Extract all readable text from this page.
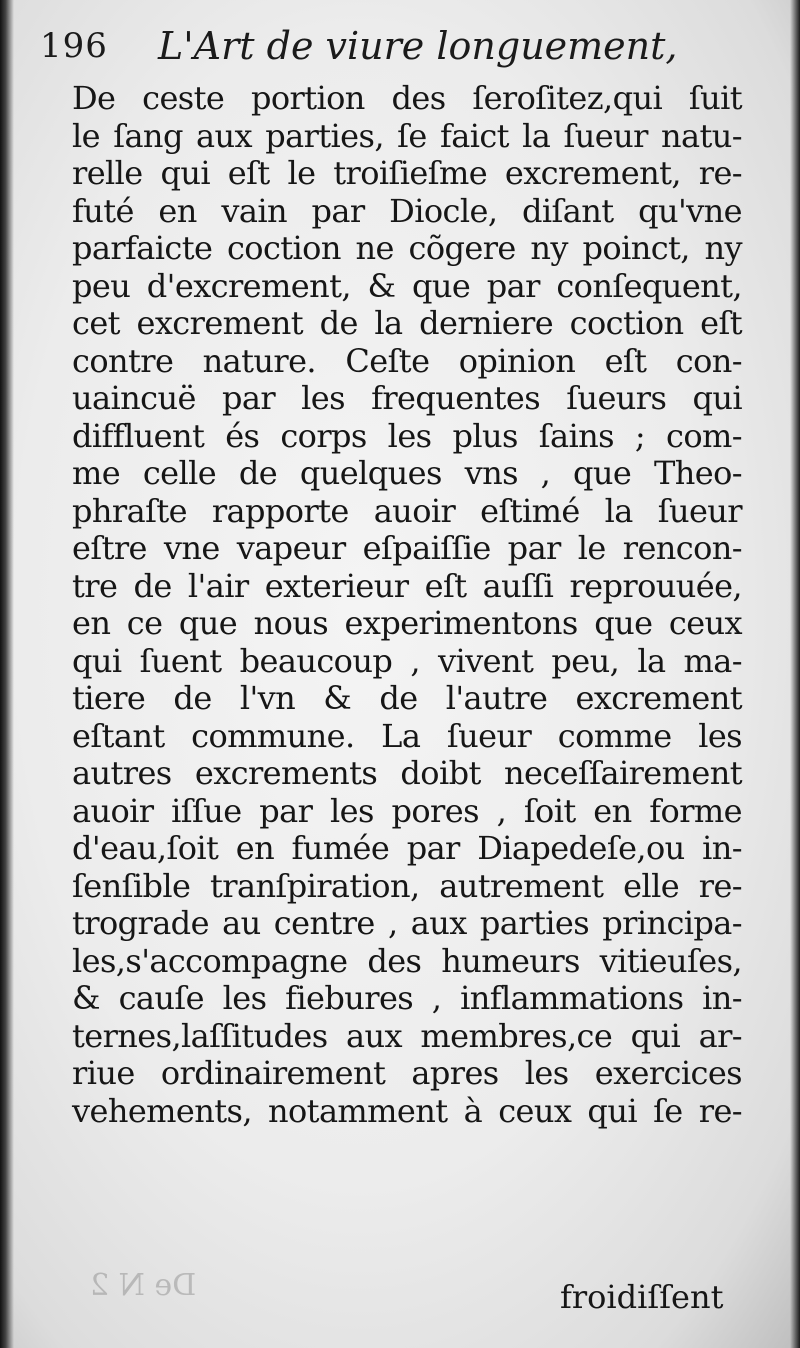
196 L'Art de viure longuement,
De ceste portion des ſeroſitez,qui ſuit
le ſang aux parties, ſe faict la ſueur natu-
relle qui eſt le troiſieſme excrement, re-
futé en vain par Diocle, diſant qu'vne
parfaicte coction ne cõgere ny poinct, ny
peu d'excrement, & que par conſequent,
cet excrement de la derniere coction eſt
contre nature. Ceſte opinion eſt con-
uaincuë par les frequentes ſueurs qui
diffluent és corps les plus ſains ; com-
me celle de quelques vns , que Theo-
phraſte rapporte auoir eſtimé la ſueur
eſtre vne vapeur eſpaiſſie par le rencon-
tre de l'air exterieur eſt auſſi reprouuée,
en ce que nous experimentons que ceux
qui ſuent beaucoup , vivent peu, la ma-
tiere de l'vn & de l'autre excrement
eſtant commune. La ſueur comme les
autres excrements doibt neceſſairement
auoir iſſue par les pores , ſoit en forme
d'eau,ſoit en fumée par Diapedeſe,ou in-
ſenſible tranſpiration, autrement elle re-
trograde au centre , aux parties principa-
les,s'accompagne des humeurs vitieuſes,
& cauſe les fiebures , inflammations in-
ternes,laſſitudes aux membres,ce qui ar-
riue ordinairement apres les exercices
vehements, notamment à ceux qui ſe re-
De N 2	froidiſſent
